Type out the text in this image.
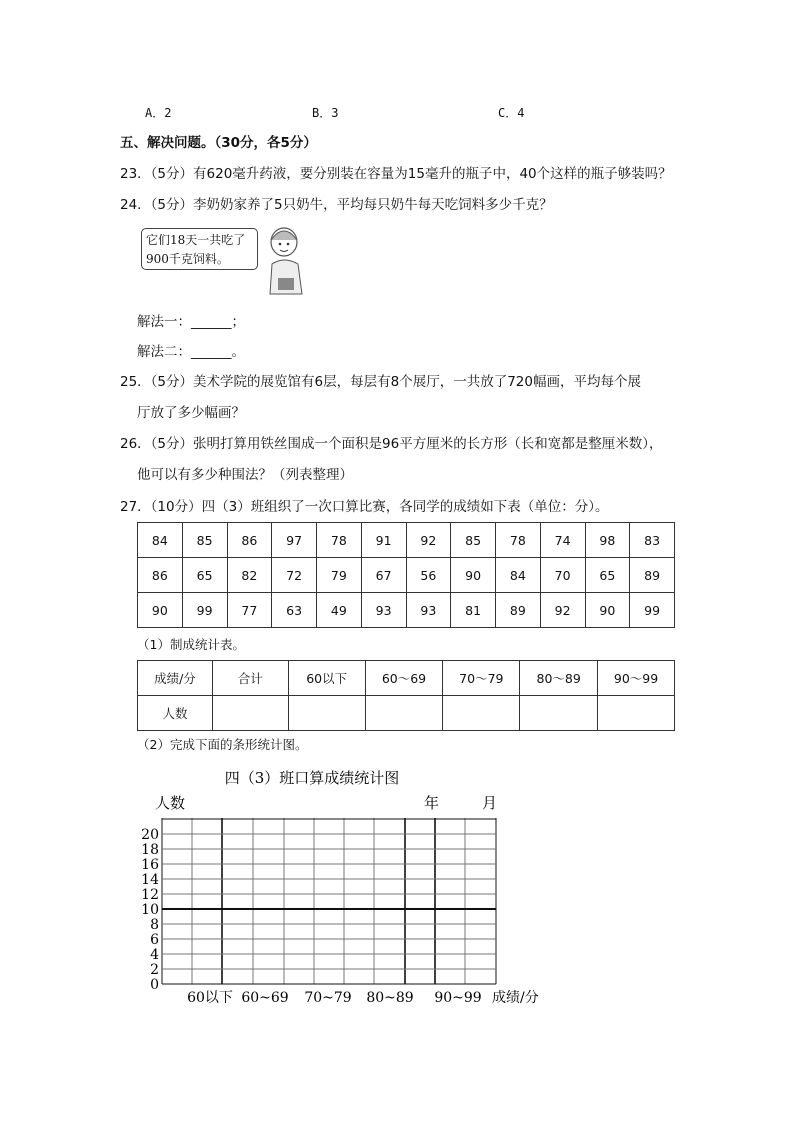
A．2	B．3	C．4
五、解决问题。（30分，各5分）
23．（5分）有620毫升药液，要分别装在容量为15毫升的瓶子中，40个这样的瓶子够装吗？
24．（5分）李奶奶家养了5只奶牛，平均每只奶牛每天吃饲料多少千克？
它们18天一共吃了
900千克饲料。
解法一：______；
解法二：______。
25．（5分）美术学院的展览馆有6层，每层有8个展厅，一共放了720幅画，平均每个展
厅放了多少幅画？
26．（5分）张明打算用铁丝围成一个面积是96平方厘米的长方形（长和宽都是整厘米数），
他可以有多少种围法？（列表整理）
27．（10分）四（3）班组织了一次口算比赛，各同学的成绩如下表（单位：分）。
84	85	86	97	78	91	92	85	78	74	98	83
86	65	82	72	79	67	56	90	84	70	65	89
90	99	77	63	49	93	93	81	89	92	90	99
（1）制成统计表。
成绩/分	合计	60以下	60～69	70～79	80～89	90～99
人数						
（2）完成下面的条形统计图。
四（3）班口算成绩统计图
人数	年	月
0
2
4
6
8
10
12
14
16
18
20
60以下 60~69 70~79 80~89 90~99 成绩/分
